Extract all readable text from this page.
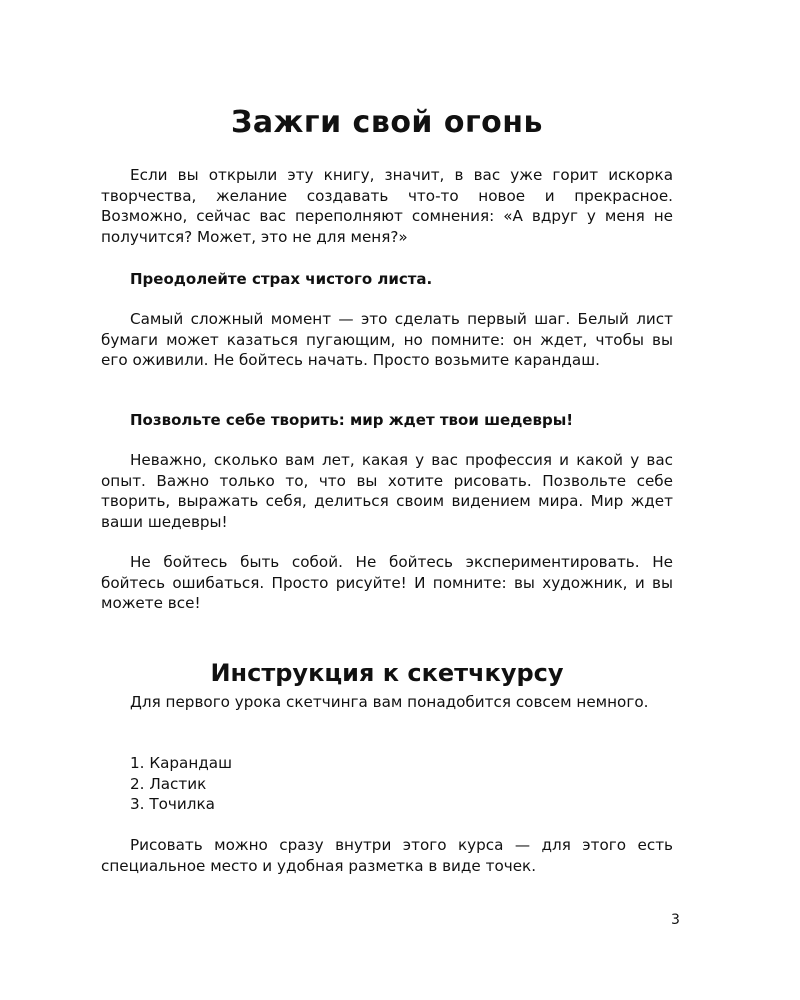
Зажги свой огонь

Если вы открыли эту книгу, значит, в вас уже горит искорка творчества, желание создавать что-то новое и прекрасное. Возможно, сейчас вас переполняют сомнения: «А вдруг у меня не получится? Может, это не для меня?»

Преодолейте страх чистого листа.

Самый сложный момент — это сделать первый шаг. Белый лист бумаги может казаться пугающим, но помните: он ждет, чтобы вы его оживили. Не бойтесь начать. Просто возьмите карандаш.

Позвольте себе творить: мир ждет твои шедевры!

Неважно, сколько вам лет, какая у вас профессия и какой у вас опыт. Важно только то, что вы хотите рисовать. Позвольте себе творить, выражать себя, делиться своим видением мира. Мир ждет ваши шедевры!

Не бойтесь быть собой. Не бойтесь экспериментировать. Не бойтесь ошибаться. Просто рисуйте! И помните: вы художник, и вы можете все!

Инструкция к скетчкурсу

Для первого урока скетчинга вам понадобится совсем немного.

1. Карандаш
2. Ластик
3. Точилка

Рисовать можно сразу внутри этого курса — для этого есть специальное место и удобная разметка в виде точек.

3
